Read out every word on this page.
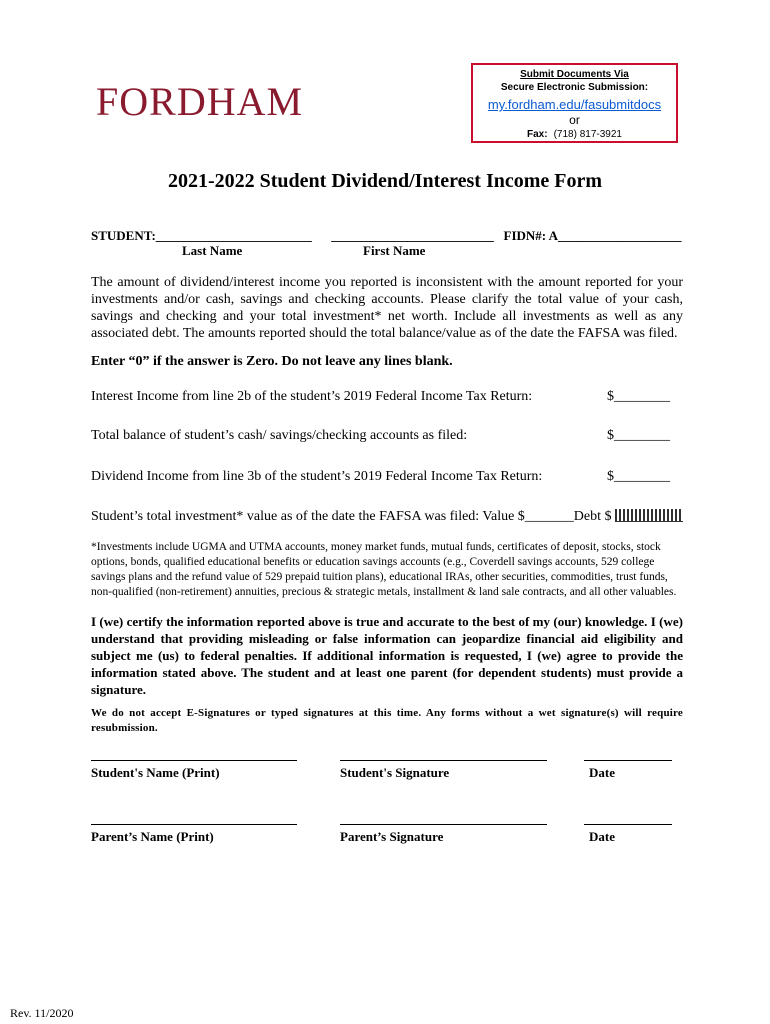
FORDHAM
Submit Documents Via
Secure Electronic Submission:
my.fordham.edu/fasubmitdocs
or
Fax: (718) 817-3921
2021-2022 Student Dividend/Interest Income Form
STUDENT:________________________      _________________________   FIDN#: A___________________
Last Name	First Name
The amount of dividend/interest income you reported is inconsistent with the amount reported for your investments and/or cash, savings and checking accounts. Please clarify the total value of your cash, savings and checking and your total investment* net worth. Include all investments as well as any associated debt. The amounts reported should the total balance/value as of the date the FAFSA was filed.
Enter “0” if the answer is Zero. Do not leave any lines blank.
Interest Income from line 2b of the student’s 2019 Federal Income Tax Return:	$________
Total balance of student’s cash/ savings/checking accounts as filed:	$________
Dividend Income from line 3b of the student’s 2019 Federal Income Tax Return:	$________
Student’s total investment* value as of the date the FAFSA was filed: Value $_______Debt $
*Investments include UGMA and UTMA accounts, money market funds, mutual funds, certificates of deposit, stocks, stock options, bonds, qualified educational benefits or education savings accounts (e.g., Coverdell savings accounts, 529 college savings plans and the refund value of 529 prepaid tuition plans), educational IRAs, other securities, commodities, trust funds, non-qualified (non-retirement) annuities, precious & strategic metals, installment & land sale contracts, and all other valuables.
I (we) certify the information reported above is true and accurate to the best of my (our) knowledge. I (we) understand that providing misleading or false information can jeopardize financial aid eligibility and subject me (us) to federal penalties. If additional information is requested, I (we) agree to provide the information stated above. The student and at least one parent (for dependent students) must provide a signature.
We do not accept E-Signatures or typed signatures at this time. Any forms without a wet signature(s) will require resubmission.
Student's Name (Print)	Student's Signature	Date
Parent’s Name (Print)	Parent’s Signature	Date
Rev. 11/2020
